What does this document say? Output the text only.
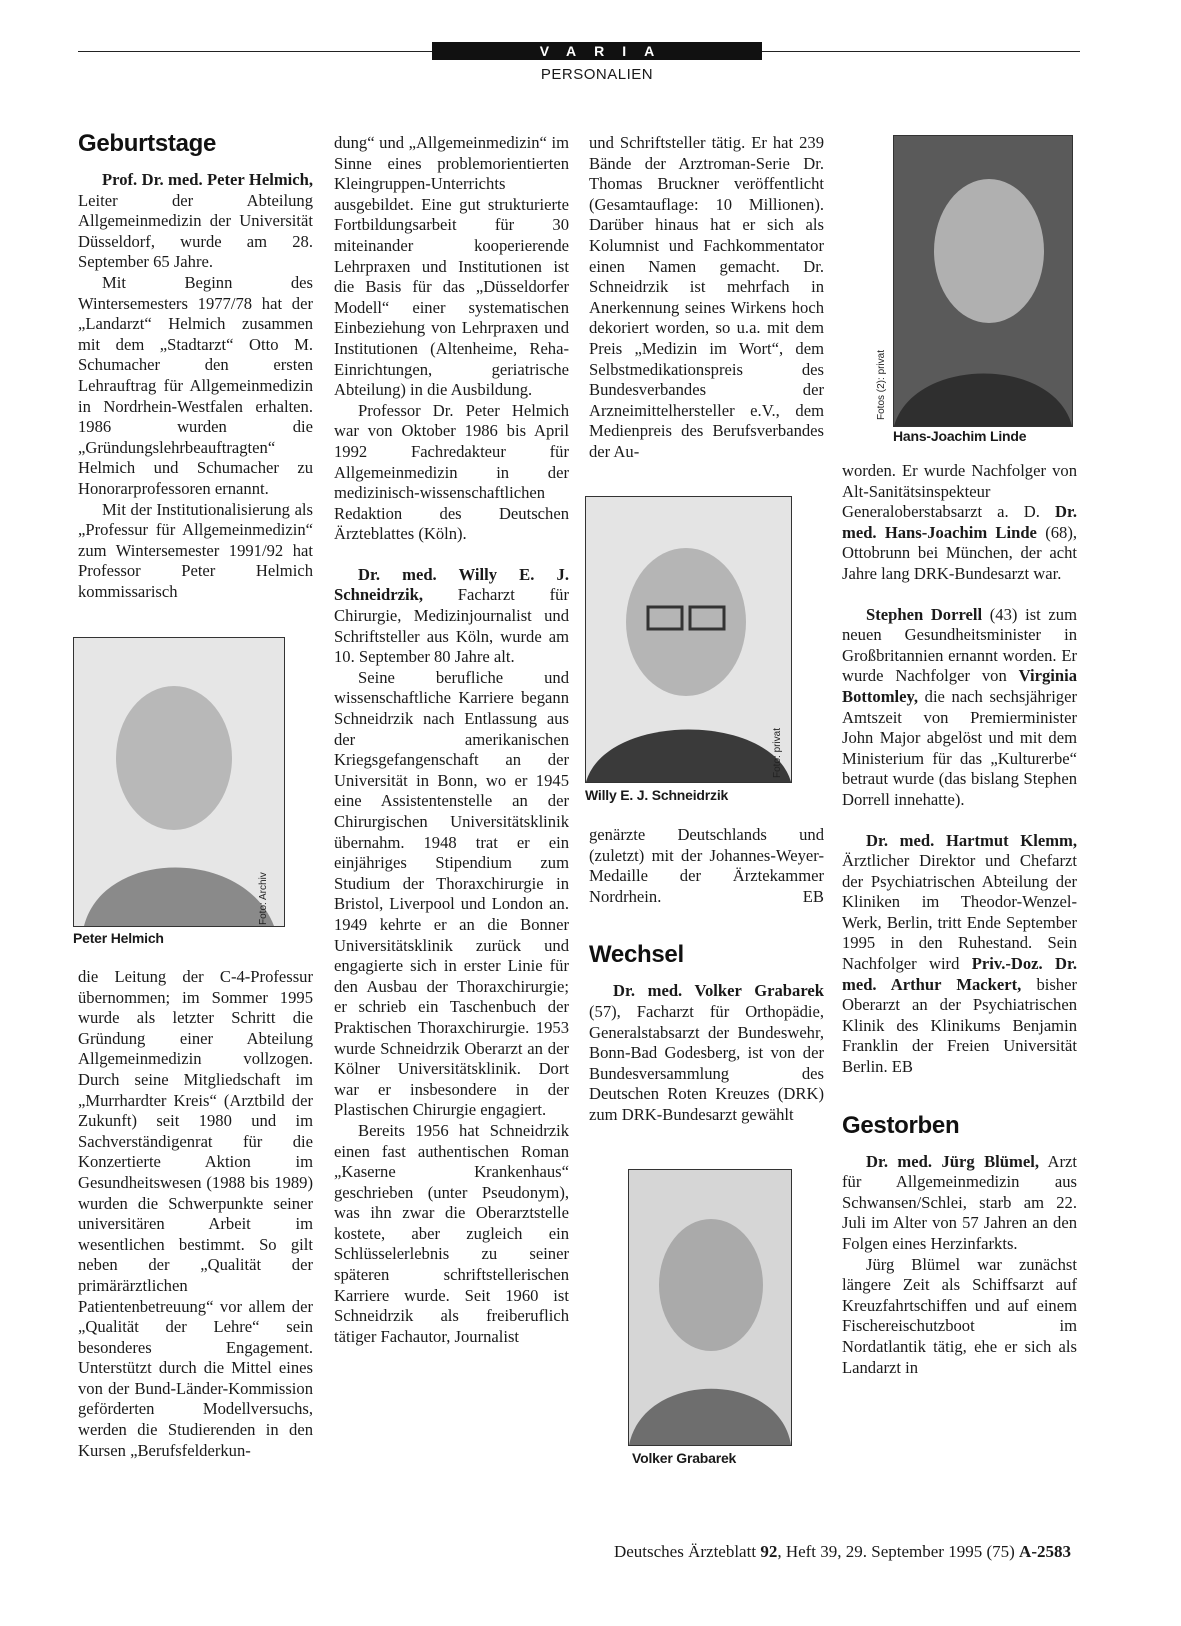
VARIA
PERSONALIEN
Geburtstage

Prof. Dr. med. Peter Helmich, Leiter der Abteilung Allgemeinmedizin der Universität Düsseldorf, wurde am 28. September 65 Jahre.

Mit Beginn des Wintersemesters 1977/78 hat der „Landarzt“ Helmich zusammen mit dem „Stadtarzt“ Otto M. Schumacher den ersten Lehrauftrag für Allgemeinmedizin in Nordrhein-Westfalen erhalten. 1986 wurden die „Gründungslehrbeauftragten“ Helmich und Schumacher zu Honorarprofessoren ernannt.

Mit der Institutionalisierung als „Professur für Allgemeinmedizin“ zum Wintersemester 1991/92 hat Professor Peter Helmich kommissarisch

Foto: Archiv
Peter Helmich

die Leitung der C-4-Professur übernommen; im Sommer 1995 wurde als letzter Schritt die Gründung einer Abteilung Allgemeinmedizin vollzogen. Durch seine Mitgliedschaft im „Murrhardter Kreis“ (Arztbild der Zukunft) seit 1980 und im Sachverständigenrat für die Konzertierte Aktion im Gesundheitswesen (1988 bis 1989) wurden die Schwerpunkte seiner universitären Arbeit im wesentlichen bestimmt. So gilt neben der „Qualität der primärärztlichen Patientenbetreuung“ vor allem der „Qualität der Lehre“ sein besonderes Engagement. Unterstützt durch die Mittel eines von der Bund-Länder-Kommission geförderten Modellversuchs, werden die Studierenden in den Kursen „Berufsfelderkun-

dung“ und „Allgemeinmedizin“ im Sinne eines problemorientierten Kleingruppen-Unterrichts ausgebildet. Eine gut strukturierte Fortbildungsarbeit für 30 miteinander kooperierende Lehrpraxen und Institutionen ist die Basis für das „Düsseldorfer Modell“ einer systematischen Einbeziehung von Lehrpraxen und Institutionen (Altenheime, Reha-Einrichtungen, geriatrische Abteilung) in die Ausbildung.

Professor Dr. Peter Helmich war von Oktober 1986 bis April 1992 Fachredakteur für Allgemeinmedizin in der medizinisch-wissenschaftlichen Redaktion des Deutschen Ärzteblattes (Köln).

Dr. med. Willy E. J. Schneidrzik, Facharzt für Chirurgie, Medizinjournalist und Schriftsteller aus Köln, wurde am 10. September 80 Jahre alt.

Seine berufliche und wissenschaftliche Karriere begann Schneidrzik nach Entlassung aus der amerikanischen Kriegsgefangenschaft an der Universität in Bonn, wo er 1945 eine Assistentenstelle an der Chirurgischen Universitätsklinik übernahm. 1948 trat er ein einjähriges Stipendium zum Studium der Thoraxchirurgie in Bristol, Liverpool und London an. 1949 kehrte er an die Bonner Universitätsklinik zurück und engagierte sich in erster Linie für den Ausbau der Thoraxchirurgie; er schrieb ein Taschenbuch der Praktischen Thoraxchirurgie. 1953 wurde Schneidrzik Oberarzt an der Kölner Universitätsklinik. Dort war er insbesondere in der Plastischen Chirurgie engagiert.

Bereits 1956 hat Schneidrzik einen fast authentischen Roman „Kaserne Krankenhaus“ geschrieben (unter Pseudonym), was ihn zwar die Oberarztstelle kostete, aber zugleich ein Schlüsselerlebnis zu seiner späteren schriftstellerischen Karriere wurde. Seit 1960 ist Schneidrzik als freiberuflich tätiger Fachautor, Journalist

und Schriftsteller tätig. Er hat 239 Bände der Arztroman-Serie Dr. Thomas Bruckner veröffentlicht (Gesamtauflage: 10 Millionen). Darüber hinaus hat er sich als Kolumnist und Fachkommentator einen Namen gemacht. Dr. Schneidrzik ist mehrfach in Anerkennung seines Wirkens hoch dekoriert worden, so u.a. mit dem Preis „Medizin im Wort“, dem Selbstmedikationspreis des Bundesverbandes der Arzneimittelhersteller e.V., dem Medienpreis des Berufsverbandes der Au-

Foto: privat
Willy E. J. Schneidrzik

genärzte Deutschlands und (zuletzt) mit der Johannes-Weyer-Medaille der Ärztekammer Nordrhein.	EB

Wechsel

Dr. med. Volker Grabarek (57), Facharzt für Orthopädie, Generalstabsarzt der Bundeswehr, Bonn-Bad Godesberg, ist von der Bundesversammlung des Deutschen Roten Kreuzes (DRK) zum DRK-Bundesarzt gewählt

Volker Grabarek
Fotos (2): privat
Hans-Joachim Linde

worden. Er wurde Nachfolger von Alt-Sanitätsinspekteur Generaloberstabsarzt a. D. Dr. med. Hans-Joachim Linde (68), Ottobrunn bei München, der acht Jahre lang DRK-Bundesarzt war.

Stephen Dorrell (43) ist zum neuen Gesundheitsminister in Großbritannien ernannt worden. Er wurde Nachfolger von Virginia Bottomley, die nach sechsjähriger Amtszeit von Premierminister John Major abgelöst und mit dem Ministerium für das „Kulturerbe“ betraut wurde (das bislang Stephen Dorrell innehatte).

Dr. med. Hartmut Klemm, Ärztlicher Direktor und Chefarzt der Psychiatrischen Abteilung der Kliniken im Theodor-Wenzel-Werk, Berlin, tritt Ende September 1995 in den Ruhestand. Sein Nachfolger wird Priv.-Doz. Dr. med. Arthur Mackert, bisher Oberarzt an der Psychiatrischen Klinik des Klinikums Benjamin Franklin der Freien Universität Berlin. EB

Gestorben

Dr. med. Jürg Blümel, Arzt für Allgemeinmedizin aus Schwansen/Schlei, starb am 22. Juli im Alter von 57 Jahren an den Folgen eines Herzinfarkts.

Jürg Blümel war zunächst längere Zeit als Schiffsarzt auf Kreuzfahrtschiffen und auf einem Fischereischutzboot im Nordatlantik tätig, ehe er sich als Landarzt in

Deutsches Ärzteblatt 92, Heft 39, 29. September 1995 (75) A-2583
